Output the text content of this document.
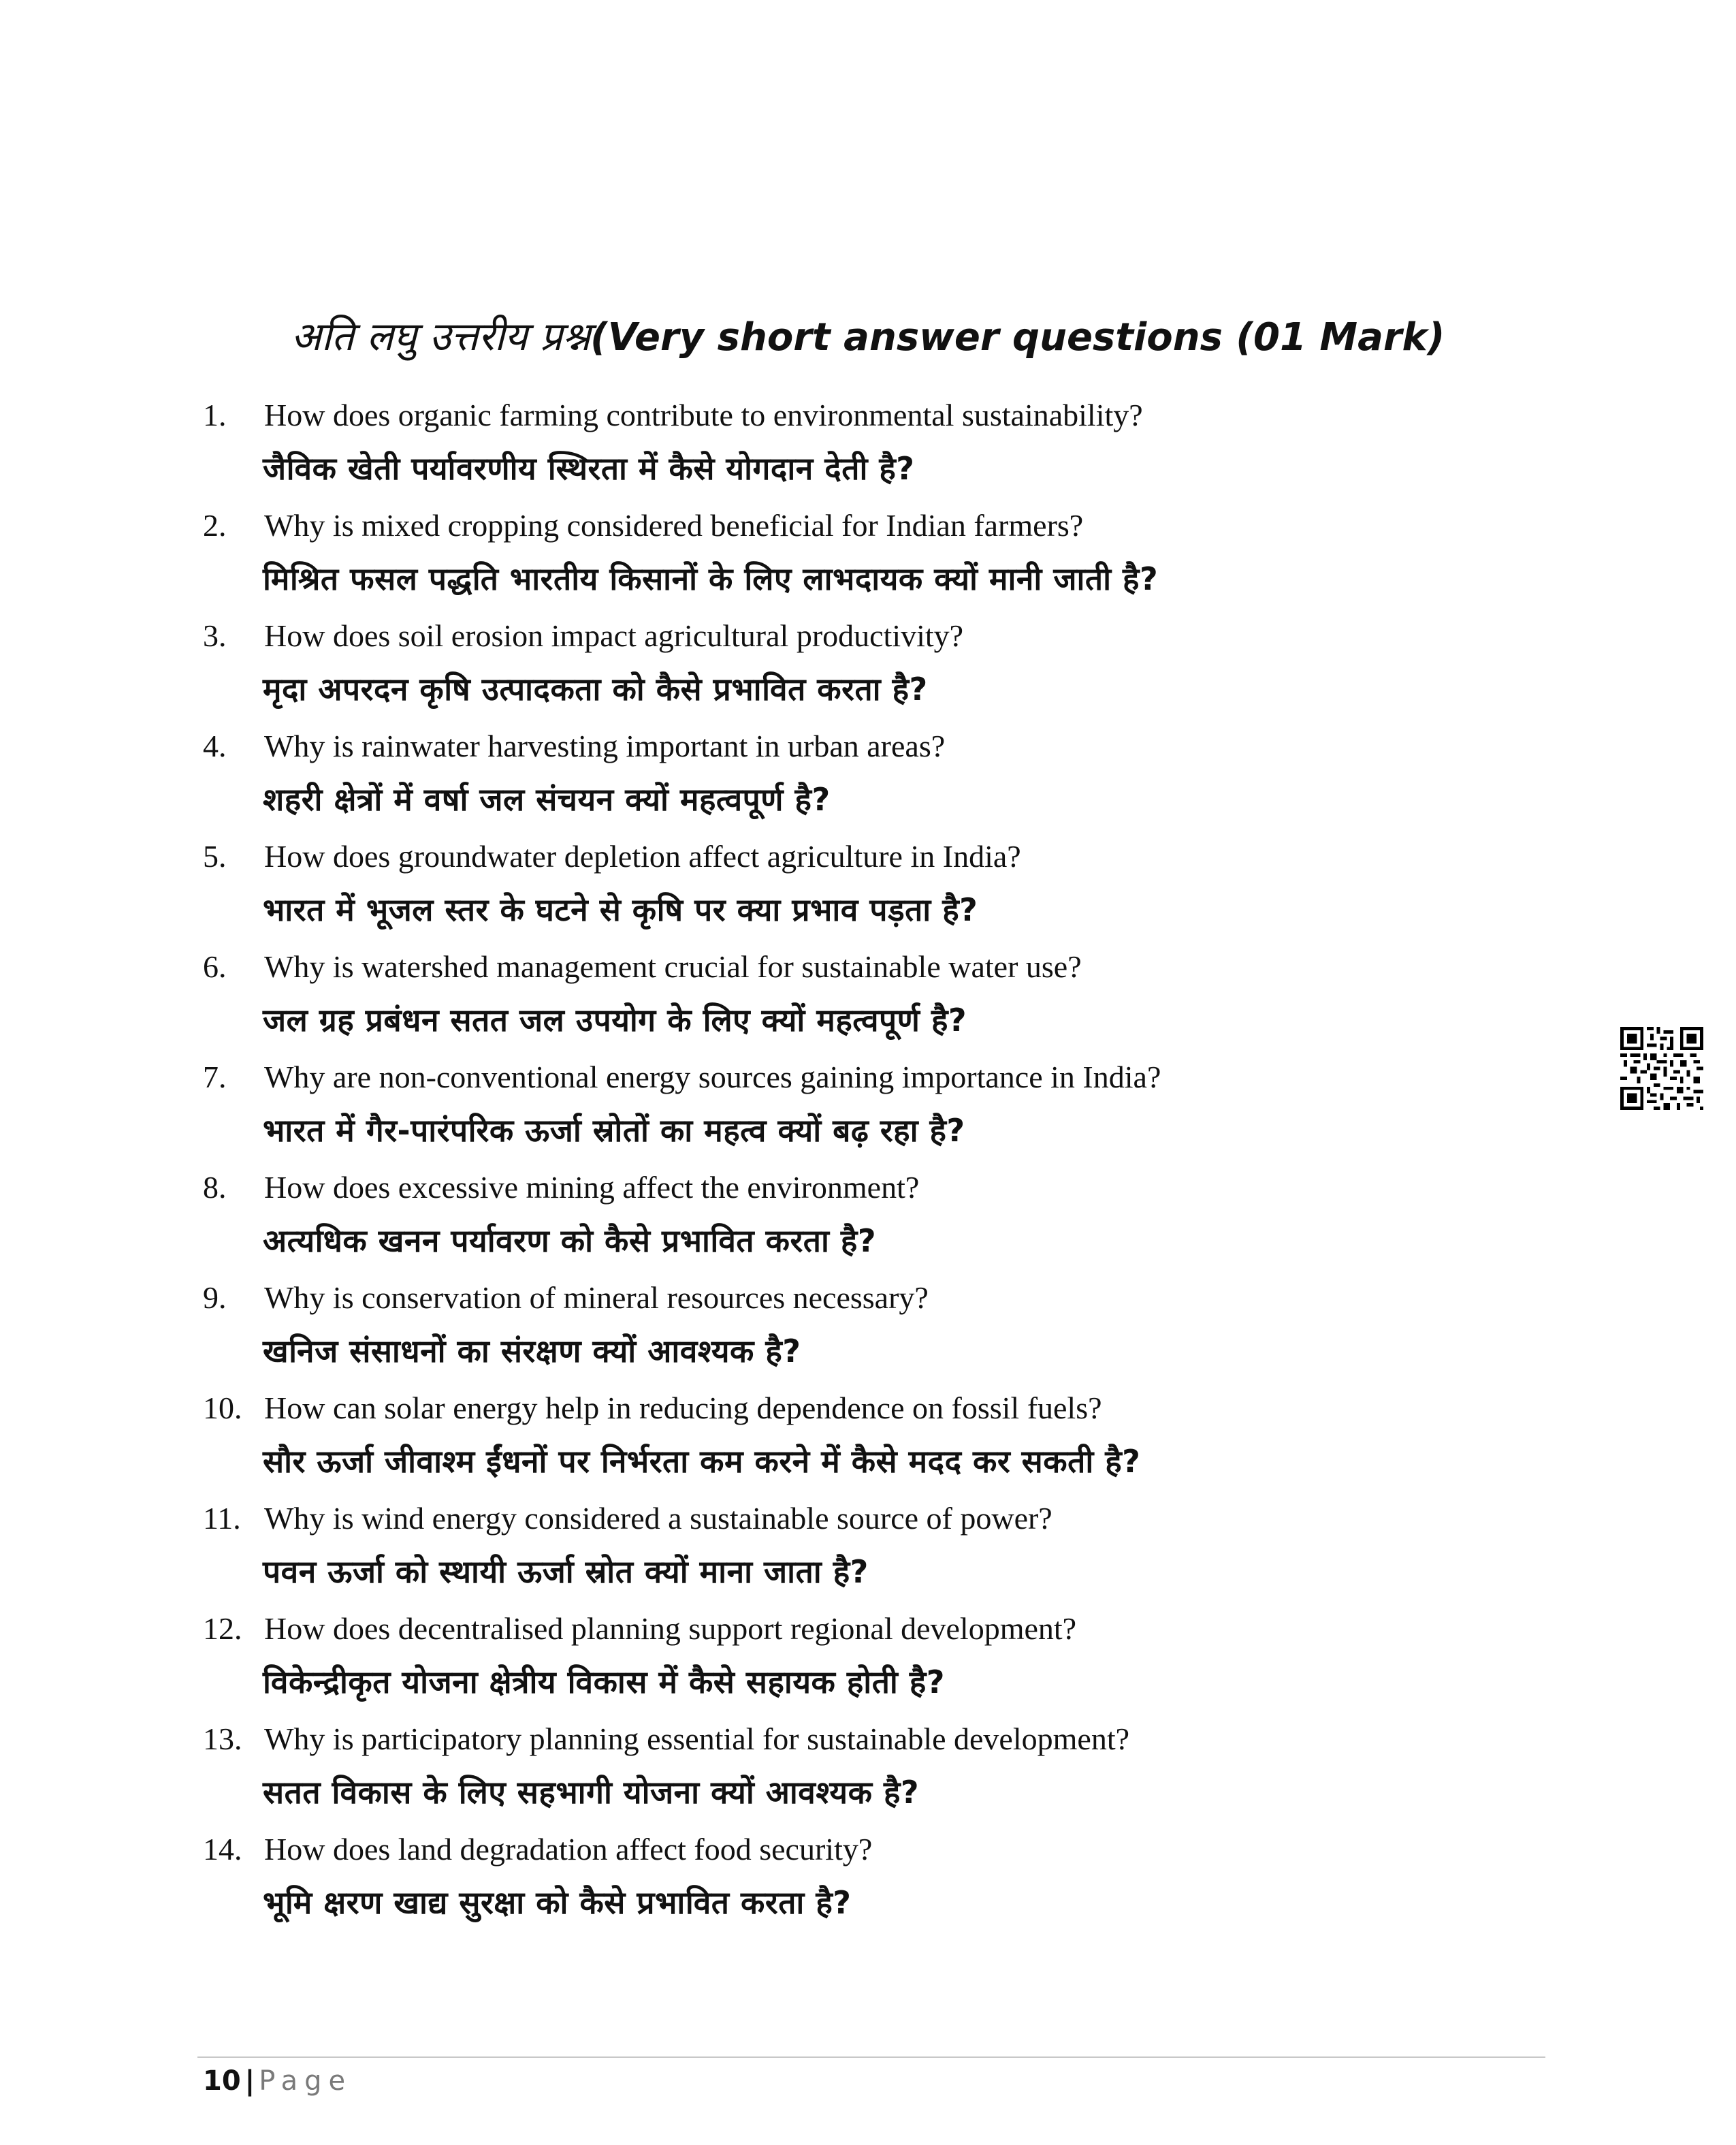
अति लघु उत्तरीय प्रश्न(Very short answer questions (01 Mark)
1. How does organic farming contribute to environmental sustainability?
जैविक खेती पर्यावरणीय स्थिरता में कैसे योगदान देती है?
2. Why is mixed cropping considered beneficial for Indian farmers?
मिश्रित फसल पद्धति भारतीय किसानों के लिए लाभदायक क्यों मानी जाती है?
3. How does soil erosion impact agricultural productivity?
मृदा अपरदन कृषि उत्पादकता को कैसे प्रभावित करता है?
4. Why is rainwater harvesting important in urban areas?
शहरी क्षेत्रों में वर्षा जल संचयन क्यों महत्वपूर्ण है?
5. How does groundwater depletion affect agriculture in India?
भारत में भूजल स्तर के घटने से कृषि पर क्या प्रभाव पड़ता है?
6. Why is watershed management crucial for sustainable water use?
जल ग्रह प्रबंधन सतत जल उपयोग के लिए क्यों महत्वपूर्ण है?
7. Why are non-conventional energy sources gaining importance in India?
भारत में गैर-पारंपरिक ऊर्जा स्रोतों का महत्व क्यों बढ़ रहा है?
8. How does excessive mining affect the environment?
अत्यधिक खनन पर्यावरण को कैसे प्रभावित करता है?
9. Why is conservation of mineral resources necessary?
खनिज संसाधनों का संरक्षण क्यों आवश्यक है?
10. How can solar energy help in reducing dependence on fossil fuels?
सौर ऊर्जा जीवाश्म ईंधनों पर निर्भरता कम करने में कैसे मदद कर सकती है?
11. Why is wind energy considered a sustainable source of power?
पवन ऊर्जा को स्थायी ऊर्जा स्रोत क्यों माना जाता है?
12. How does decentralised planning support regional development?
विकेन्द्रीकृत योजना क्षेत्रीय विकास में कैसे सहायक होती है?
13. Why is participatory planning essential for sustainable development?
सतत विकास के लिए सहभागी योजना क्यों आवश्यक है?
14. How does land degradation affect food security?
भूमि क्षरण खाद्य सुरक्षा को कैसे प्रभावित करता है?
10 | Page
